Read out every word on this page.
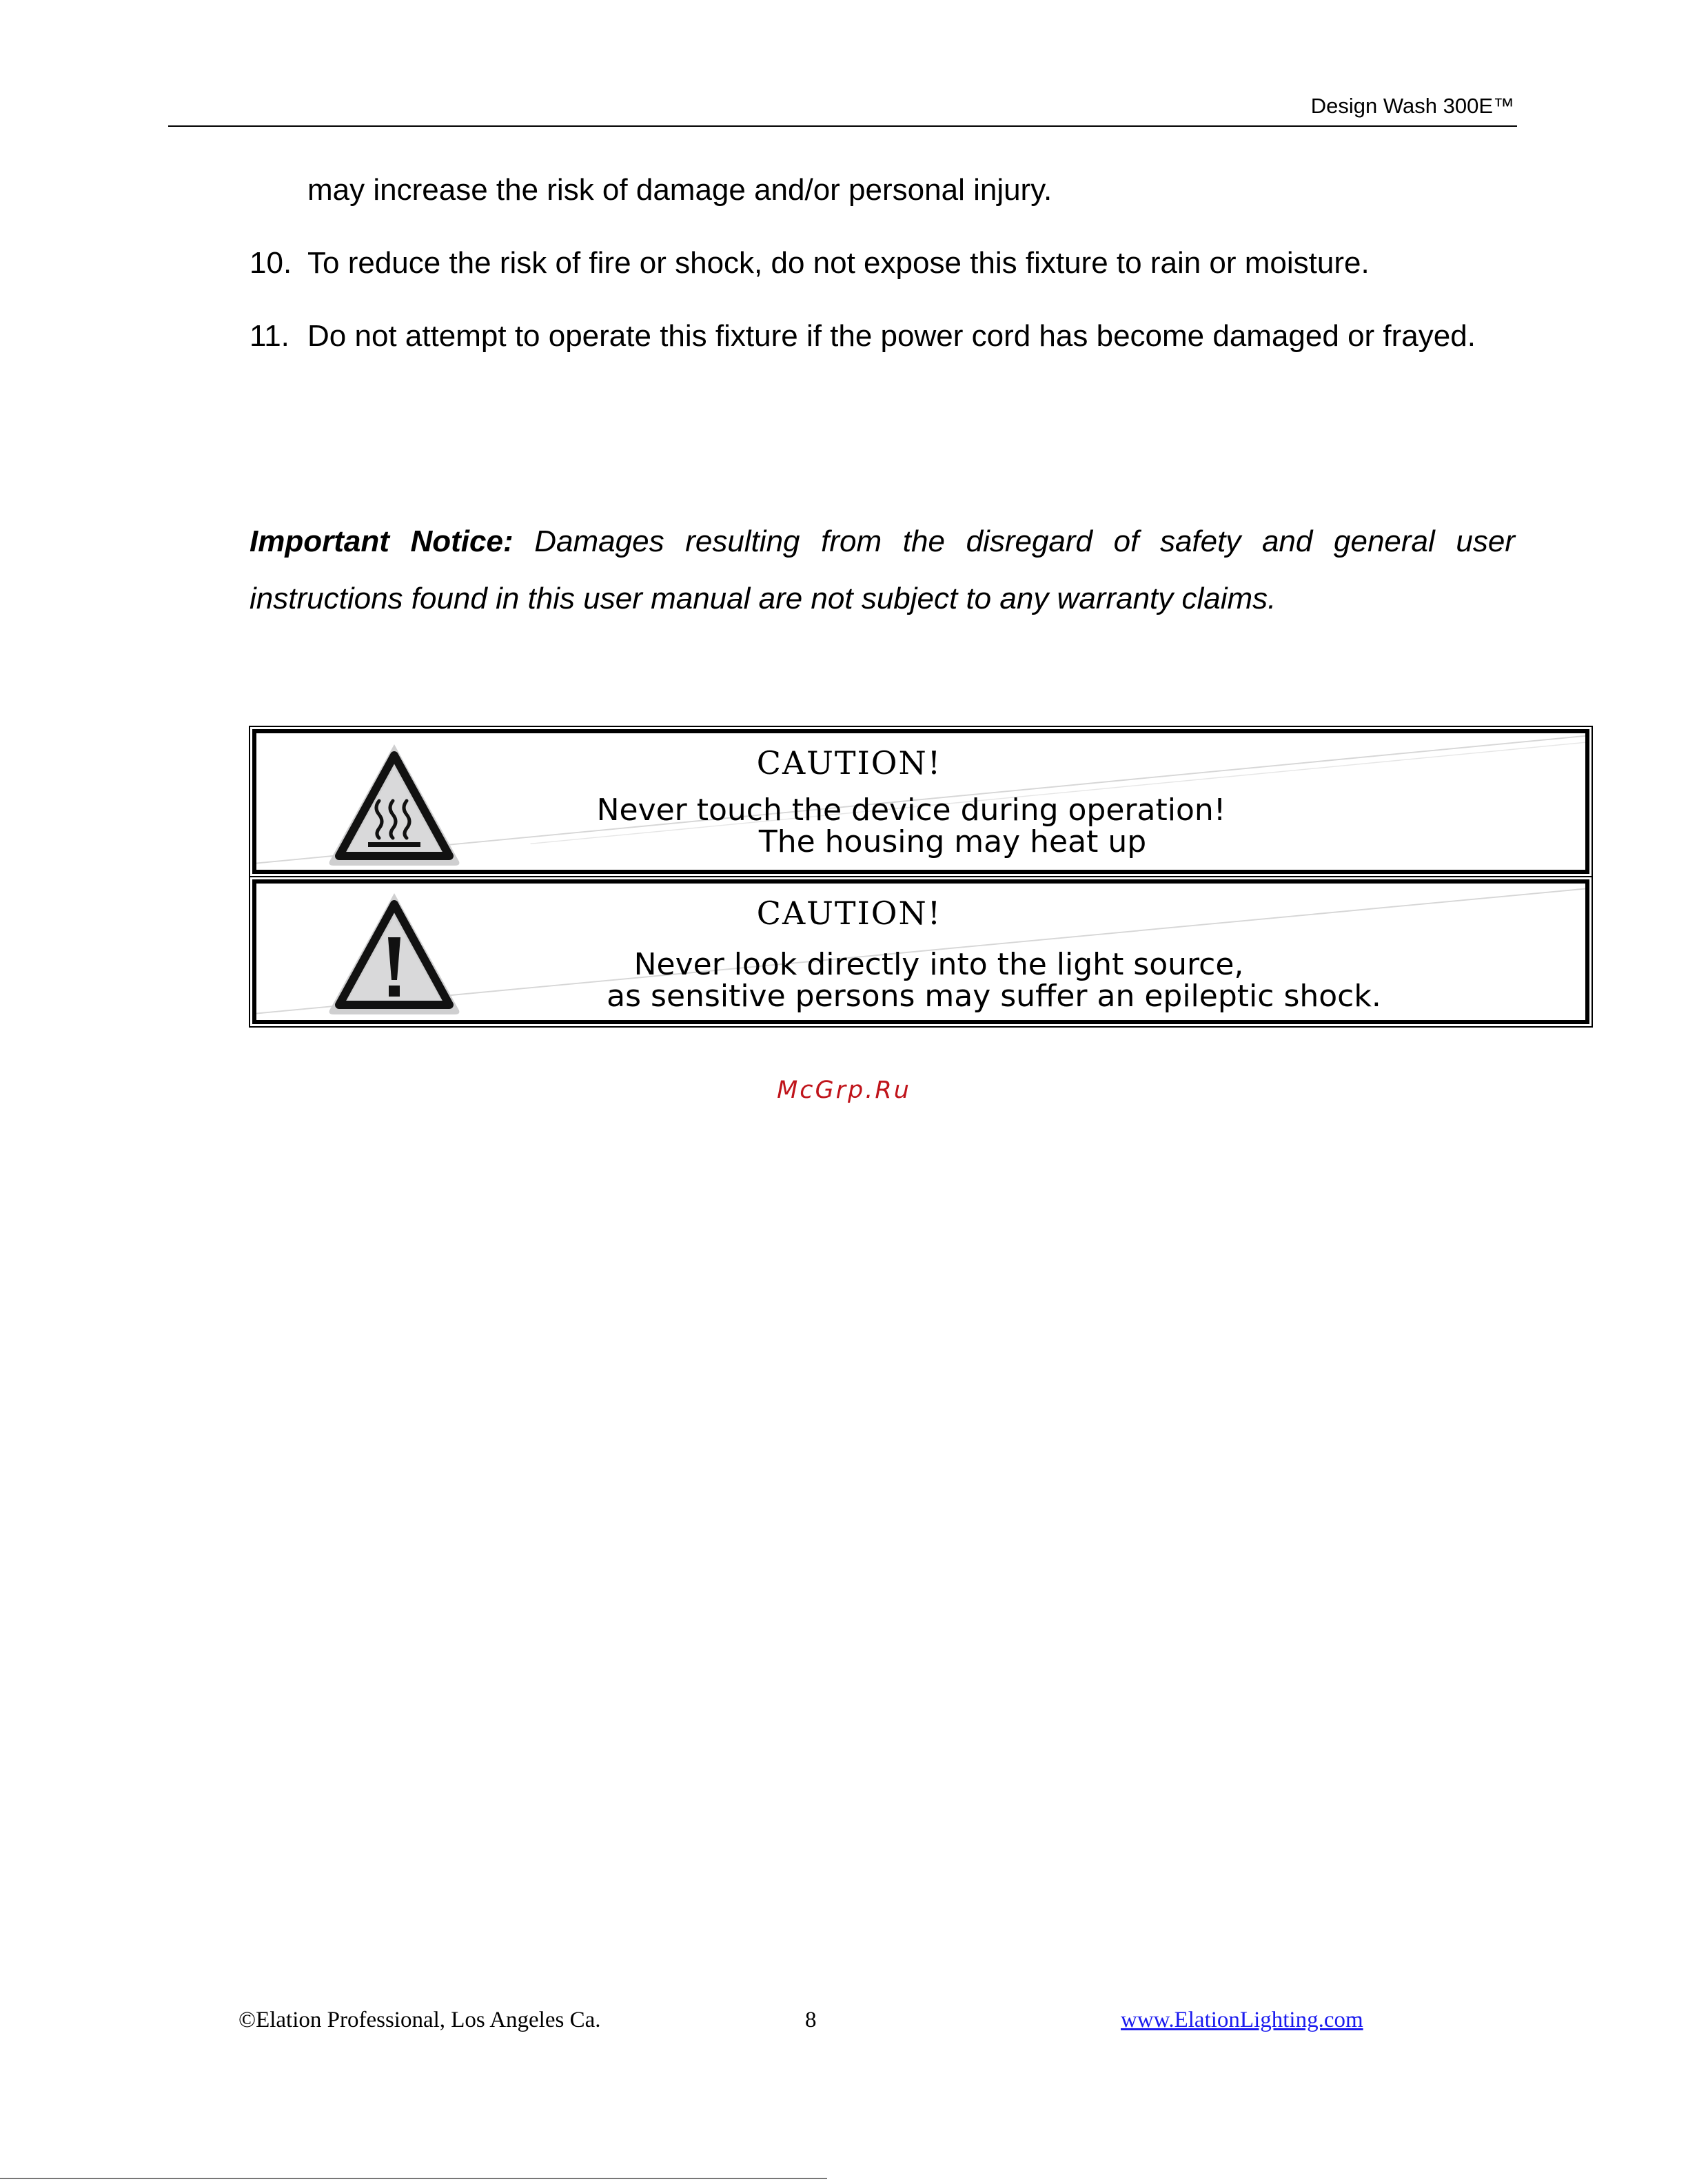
Design Wash 300E™
may increase the risk of damage and/or personal injury.
10. To reduce the risk of fire or shock, do not expose this fixture to rain or moisture.
11. Do not attempt to operate this fixture if the power cord has become damaged or frayed.
Important Notice: Damages resulting from the disregard of safety and general user instructions found in this user manual are not subject to any warranty claims.
CAUTION!
Never touch the device during operation!
The housing may heat up
CAUTION!
Never look directly into the light source,
as sensitive persons may suffer an epileptic shock.
McGrp.Ru
©Elation Professional, Los Angeles Ca.	8	www.ElationLighting.com
